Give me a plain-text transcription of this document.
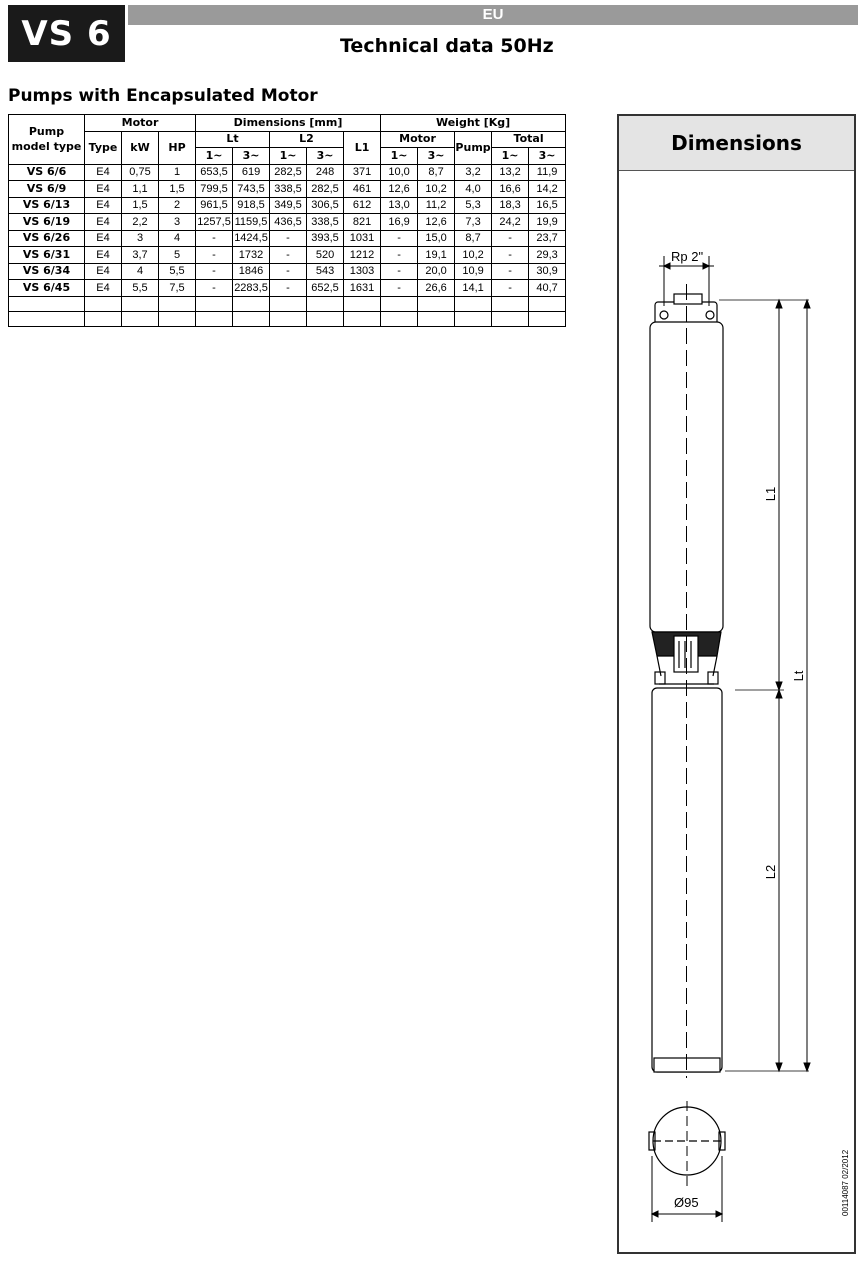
VS 6	EU
Technical data 50Hz
Pumps with Encapsulated Motor
Pump model type	Motor			Dimensions [mm]					Weight [Kg]				
	Type	kW	HP	Lt		L2		L1	Motor		Pump	Total	
				1~	3~	1~	3~		1~	3~		1~	3~
VS 6/6	E4	0,75	1	653,5	619	282,5	248	371	10,0	8,7	3,2	13,2	11,9
VS 6/9	E4	1,1	1,5	799,5	743,5	338,5	282,5	461	12,6	10,2	4,0	16,6	14,2
VS 6/13	E4	1,5	2	961,5	918,5	349,5	306,5	612	13,0	11,2	5,3	18,3	16,5
VS 6/19	E4	2,2	3	1257,5	1159,5	436,5	338,5	821	16,9	12,6	7,3	24,2	19,9
VS 6/26	E4	3	4	-	1424,5	-	393,5	1031	-	15,0	8,7	-	23,7
VS 6/31	E4	3,7	5	-	1732	-	520	1212	-	19,1	10,2	-	29,3
VS 6/34	E4	4	5,5	-	1846	-	543	1303	-	20,0	10,9	-	30,9
VS 6/45	E4	5,5	7,5	-	2283,5	-	652,5	1631	-	26,6	14,1	-	40,7

Dimensions
Rp 2"
L1
Lt
L2
Ø95	00114087 02/2012
